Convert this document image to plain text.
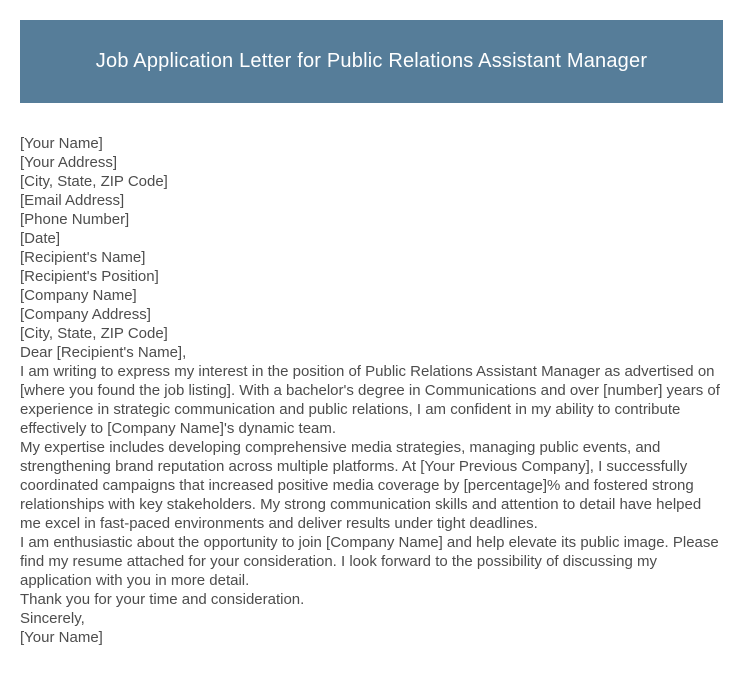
Job Application Letter for Public Relations Assistant Manager

[Your Name]

[Your Address]

[City, State, ZIP Code]

[Email Address]

[Phone Number]

[Date]

[Recipient's Name]

[Recipient's Position]

[Company Name]

[Company Address]

[City, State, ZIP Code]

Dear [Recipient's Name],

I am writing to express my interest in the position of Public Relations Assistant Manager as advertised on [where you found the job listing]. With a bachelor's degree in Communications and over [number] years of experience in strategic communication and public relations, I am confident in my ability to contribute effectively to [Company Name]'s dynamic team.

My expertise includes developing comprehensive media strategies, managing public events, and strengthening brand reputation across multiple platforms. At [Your Previous Company], I successfully coordinated campaigns that increased positive media coverage by [percentage]% and fostered strong relationships with key stakeholders. My strong communication skills and attention to detail have helped me excel in fast-paced environments and deliver results under tight deadlines.

I am enthusiastic about the opportunity to join [Company Name] and help elevate its public image. Please find my resume attached for your consideration. I look forward to the possibility of discussing my application with you in more detail.

Thank you for your time and consideration.

Sincerely,

[Your Name]
